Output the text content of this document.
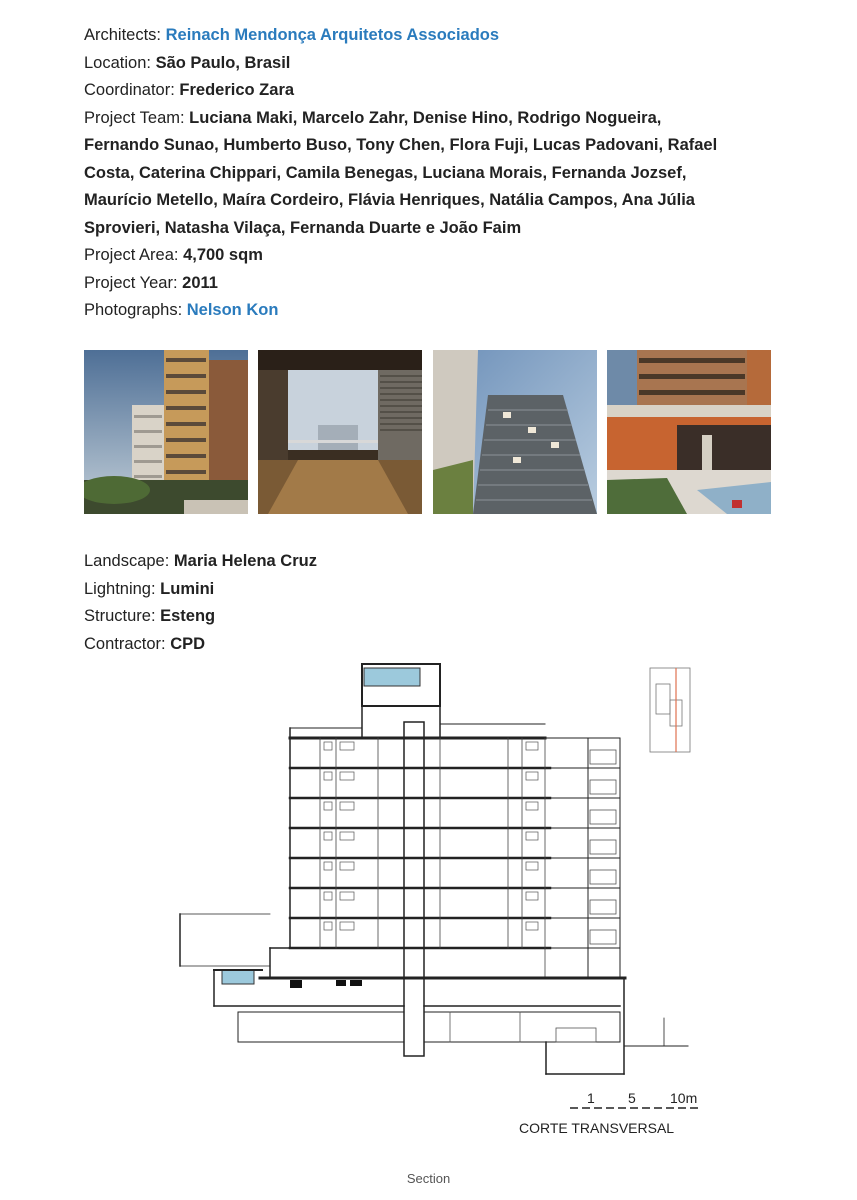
Architects: Reinach Mendonça Arquitetos Associados

Location: São Paulo, Brasil

Coordinator: Frederico Zara

Project Team: Luciana Maki, Marcelo Zahr, Denise Hino, Rodrigo Nogueira,

Fernando Sunao, Humberto Buso, Tony Chen, Flora Fuji, Lucas Padovani, Rafael

Costa, Caterina Chippari, Camila Benegas, Luciana Morais, Fernanda Jozsef,

Maurício Metello, Maíra Cordeiro, Flávia Henriques, Natália Campos, Ana Júlia

Sprovieri, Natasha Vilaça, Fernanda Duarte e João Faim

Project Area: 4,700 sqm

Project Year: 2011

Photographs: Nelson Kon

Landscape: Maria Helena Cruz

Lightning: Lumini

Structure: Esteng

Contractor: CPD

1 5 10m
CORTE TRANSVERSAL
Section
